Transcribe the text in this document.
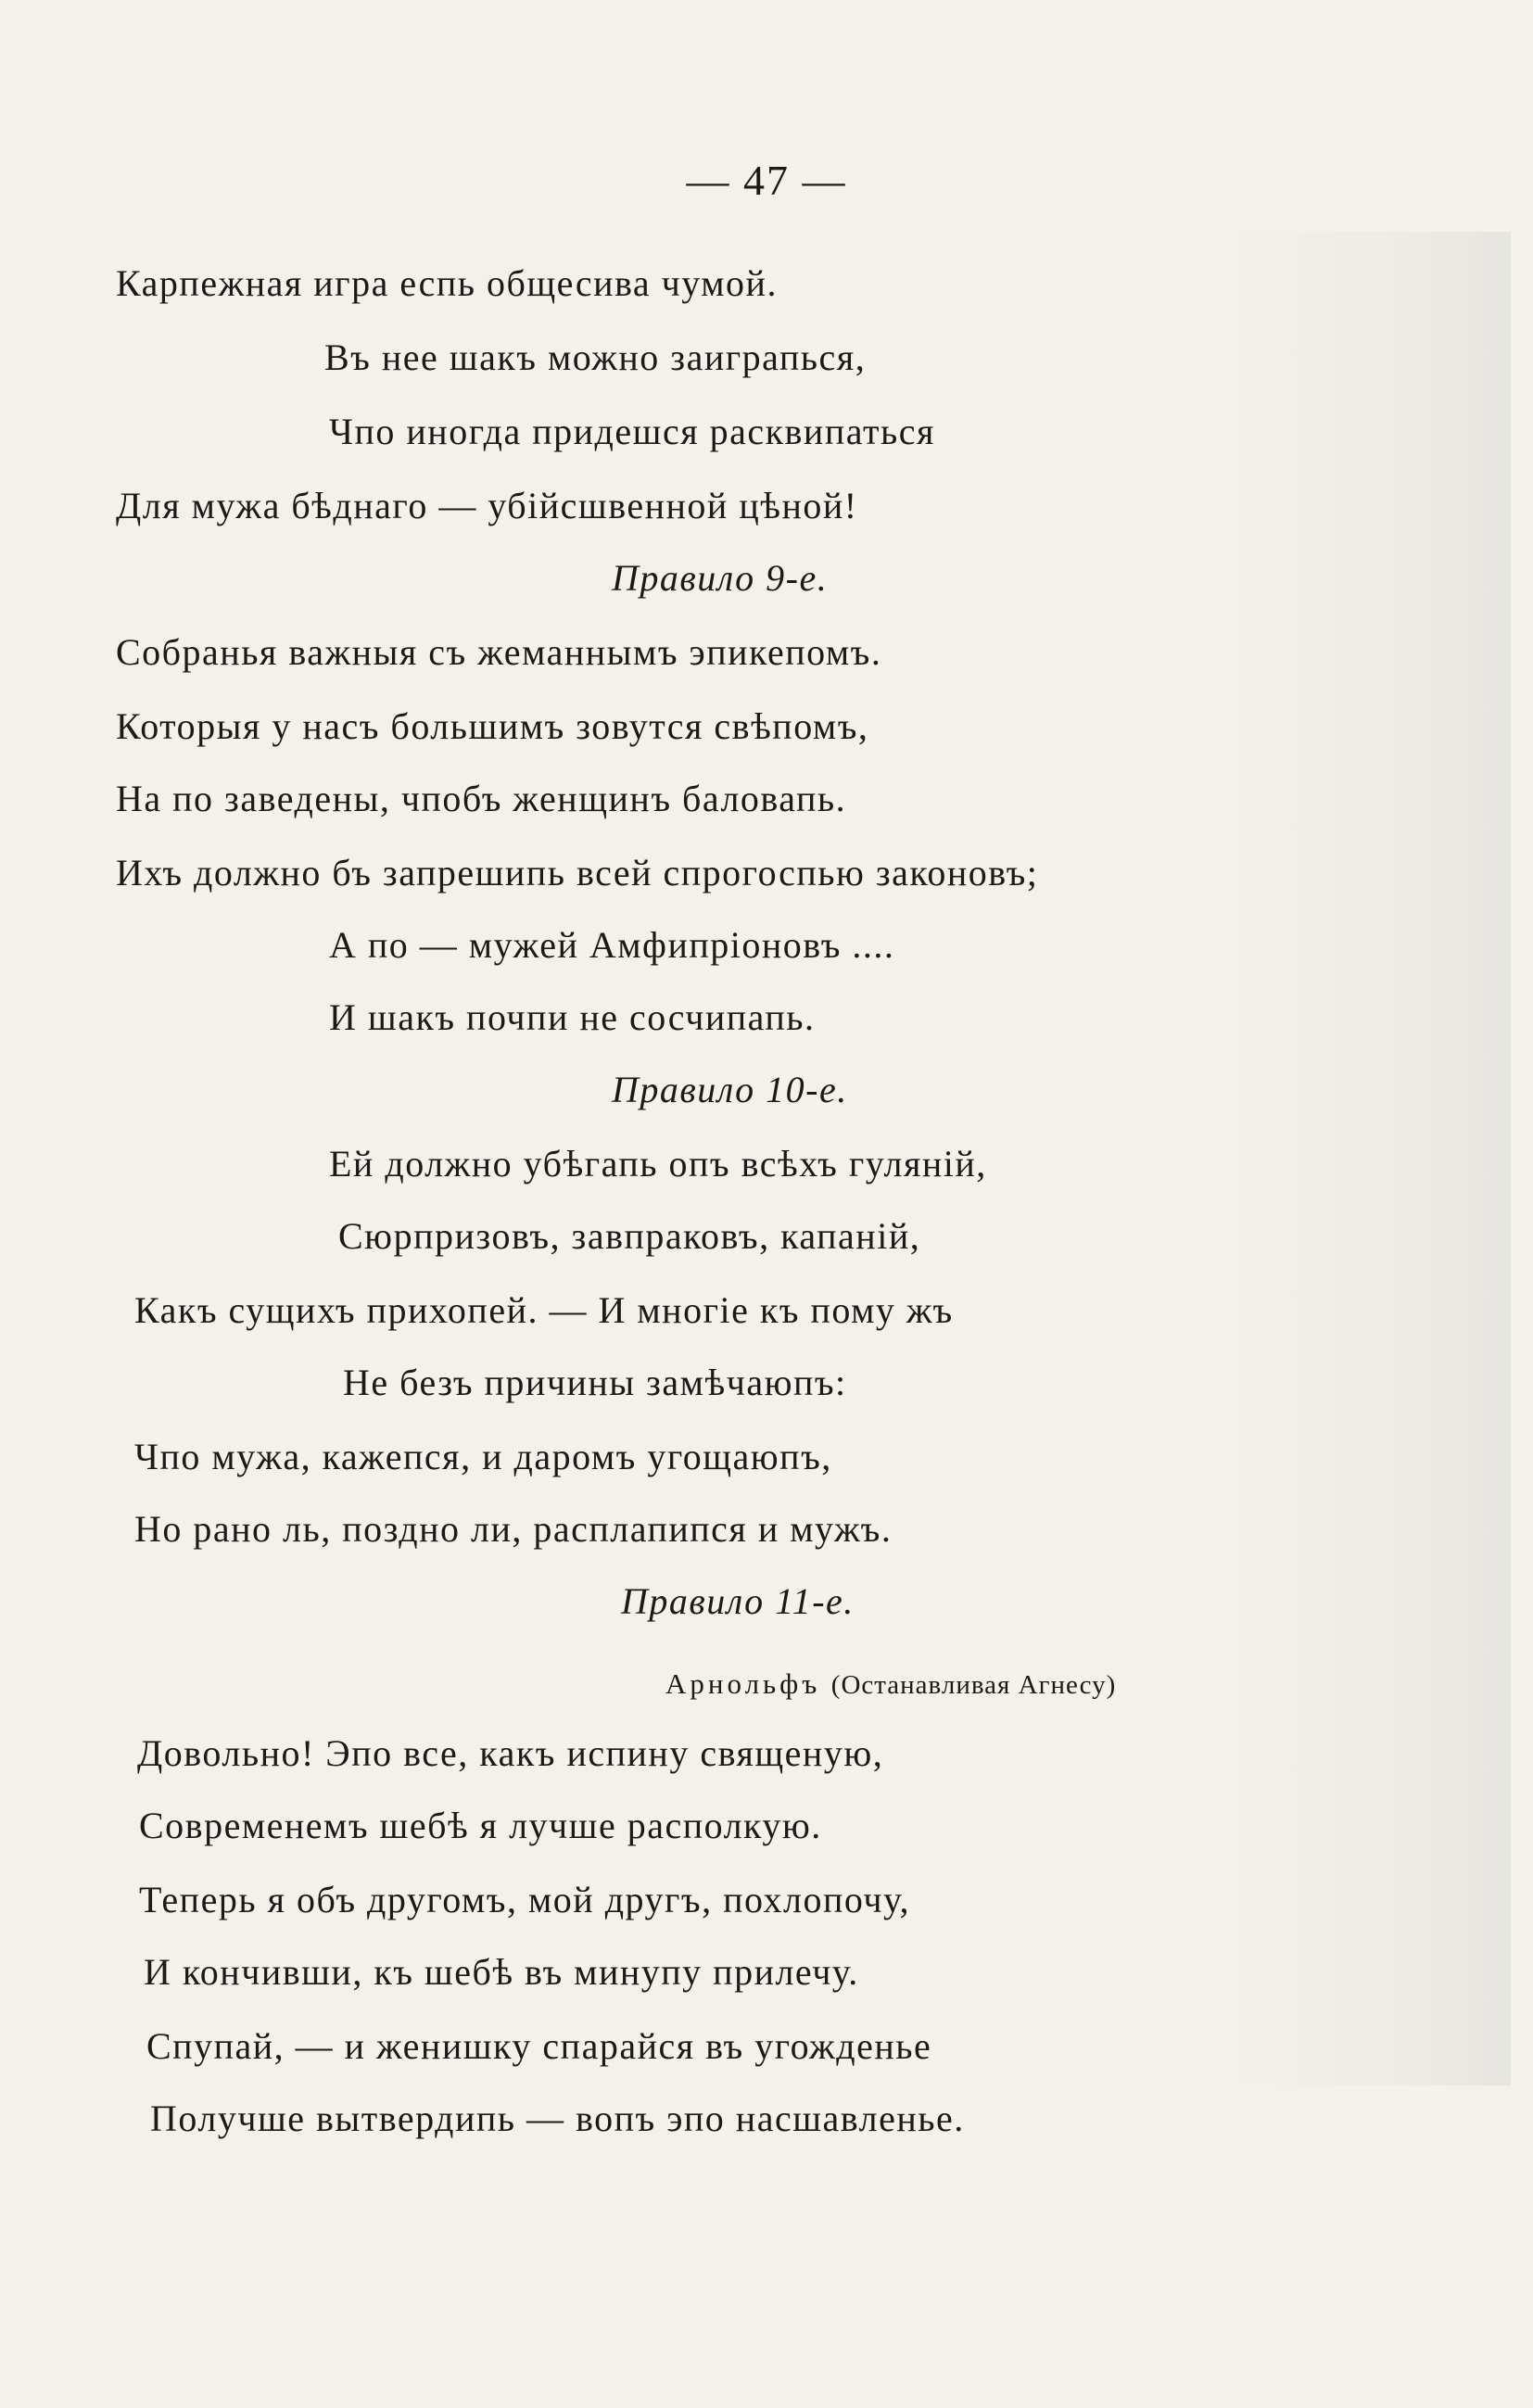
— 47 —
Карпежная игра еспь общесива чумой.
Въ нее шакъ можно заиграпься,
Чпо иногда придешся расквипаться
Для мужа бѣднаго — убійсшвенной цѣной!
Правило 9-е.
Собранья важныя съ жеманнымъ эпикепомъ.
Которыя у насъ большимъ зовутся свѣпомъ,
На по заведены, чпобъ женщинъ баловапь.
Ихъ должно бъ запрешипь всей спрогоспью законовъ;
А по — мужей Амфипріоновъ ....
И шакъ почпи не сосчипапь.
Правило 10-е.
Ей должно убѣгапь опъ всѣхъ гуляній,
Сюрпризовъ, завпраковъ, капаній,
Какъ сущихъ прихопей. — И многіе къ пому жъ
Не безъ причины замѣчаюпъ:
Чпо мужа, кажепся, и даромъ угощаюпъ,
Но рано ль, поздно ли, расплапипся и мужъ.
Правило 11-е.
Арнольфъ (Останавливая Агнесу)
Довольно! Эпо все, какъ испину священую,
Современемъ шебѣ я лучше располкую.
Теперь я объ другомъ, мой другъ, похлопочу,
И кончивши, къ шебѣ въ минупу прилечу.
Спупай, — и женишку спарайся въ угожденье
Получше вытвердипь — вопъ эпо насшавленье.
